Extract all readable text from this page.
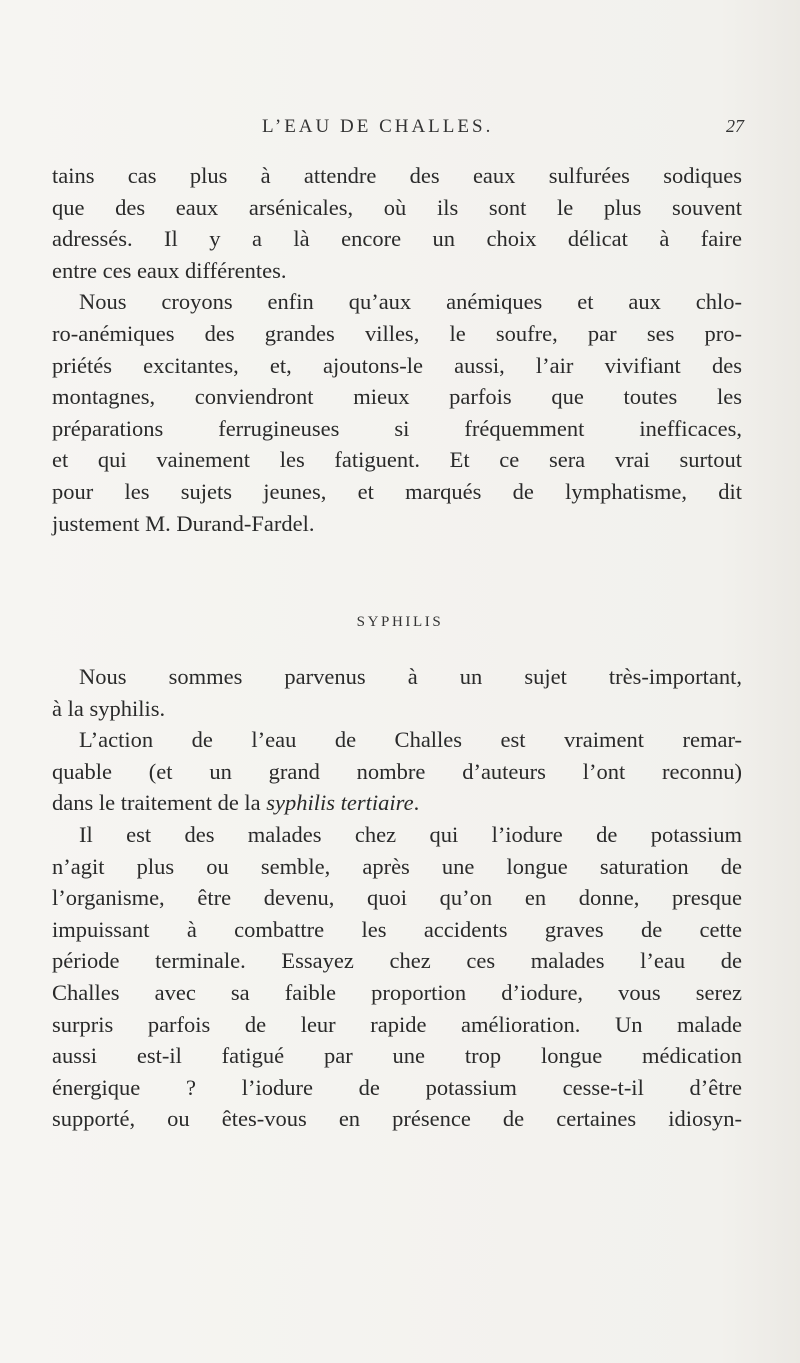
L’EAU DE CHALLES.	27
tains cas plus à attendre des eaux sulfurées sodiques
que des eaux arsénicales, où ils sont le plus souvent
adressés. Il y a là encore un choix délicat à faire
entre ces eaux différentes.
Nous croyons enfin qu’aux anémiques et aux chlo-
ro-anémiques des grandes villes, le soufre, par ses pro-
priétés excitantes, et, ajoutons-le aussi, l’air vivifiant des
montagnes, conviendront mieux parfois que toutes les
préparations ferrugineuses si fréquemment inefficaces,
et qui vainement les fatiguent. Et ce sera vrai surtout
pour les sujets jeunes, et marqués de lymphatisme, dit
justement M. Durand-Fardel.
SYPHILIS
Nous sommes parvenus à un sujet très-important,
à la syphilis.
L’action de l’eau de Challes est vraiment remar-
quable (et un grand nombre d’auteurs l’ont reconnu)
dans le traitement de la syphilis tertiaire.
Il est des malades chez qui l’iodure de potassium
n’agit plus ou semble, après une longue saturation de
l’organisme, être devenu, quoi qu’on en donne, presque
impuissant à combattre les accidents graves de cette
période terminale. Essayez chez ces malades l’eau de
Challes avec sa faible proportion d’iodure, vous serez
surpris parfois de leur rapide amélioration. Un malade
aussi est-il fatigué par une trop longue médication
énergique ? l’iodure de potassium cesse-t-il d’être
supporté, ou êtes-vous en présence de certaines idiosyn-
